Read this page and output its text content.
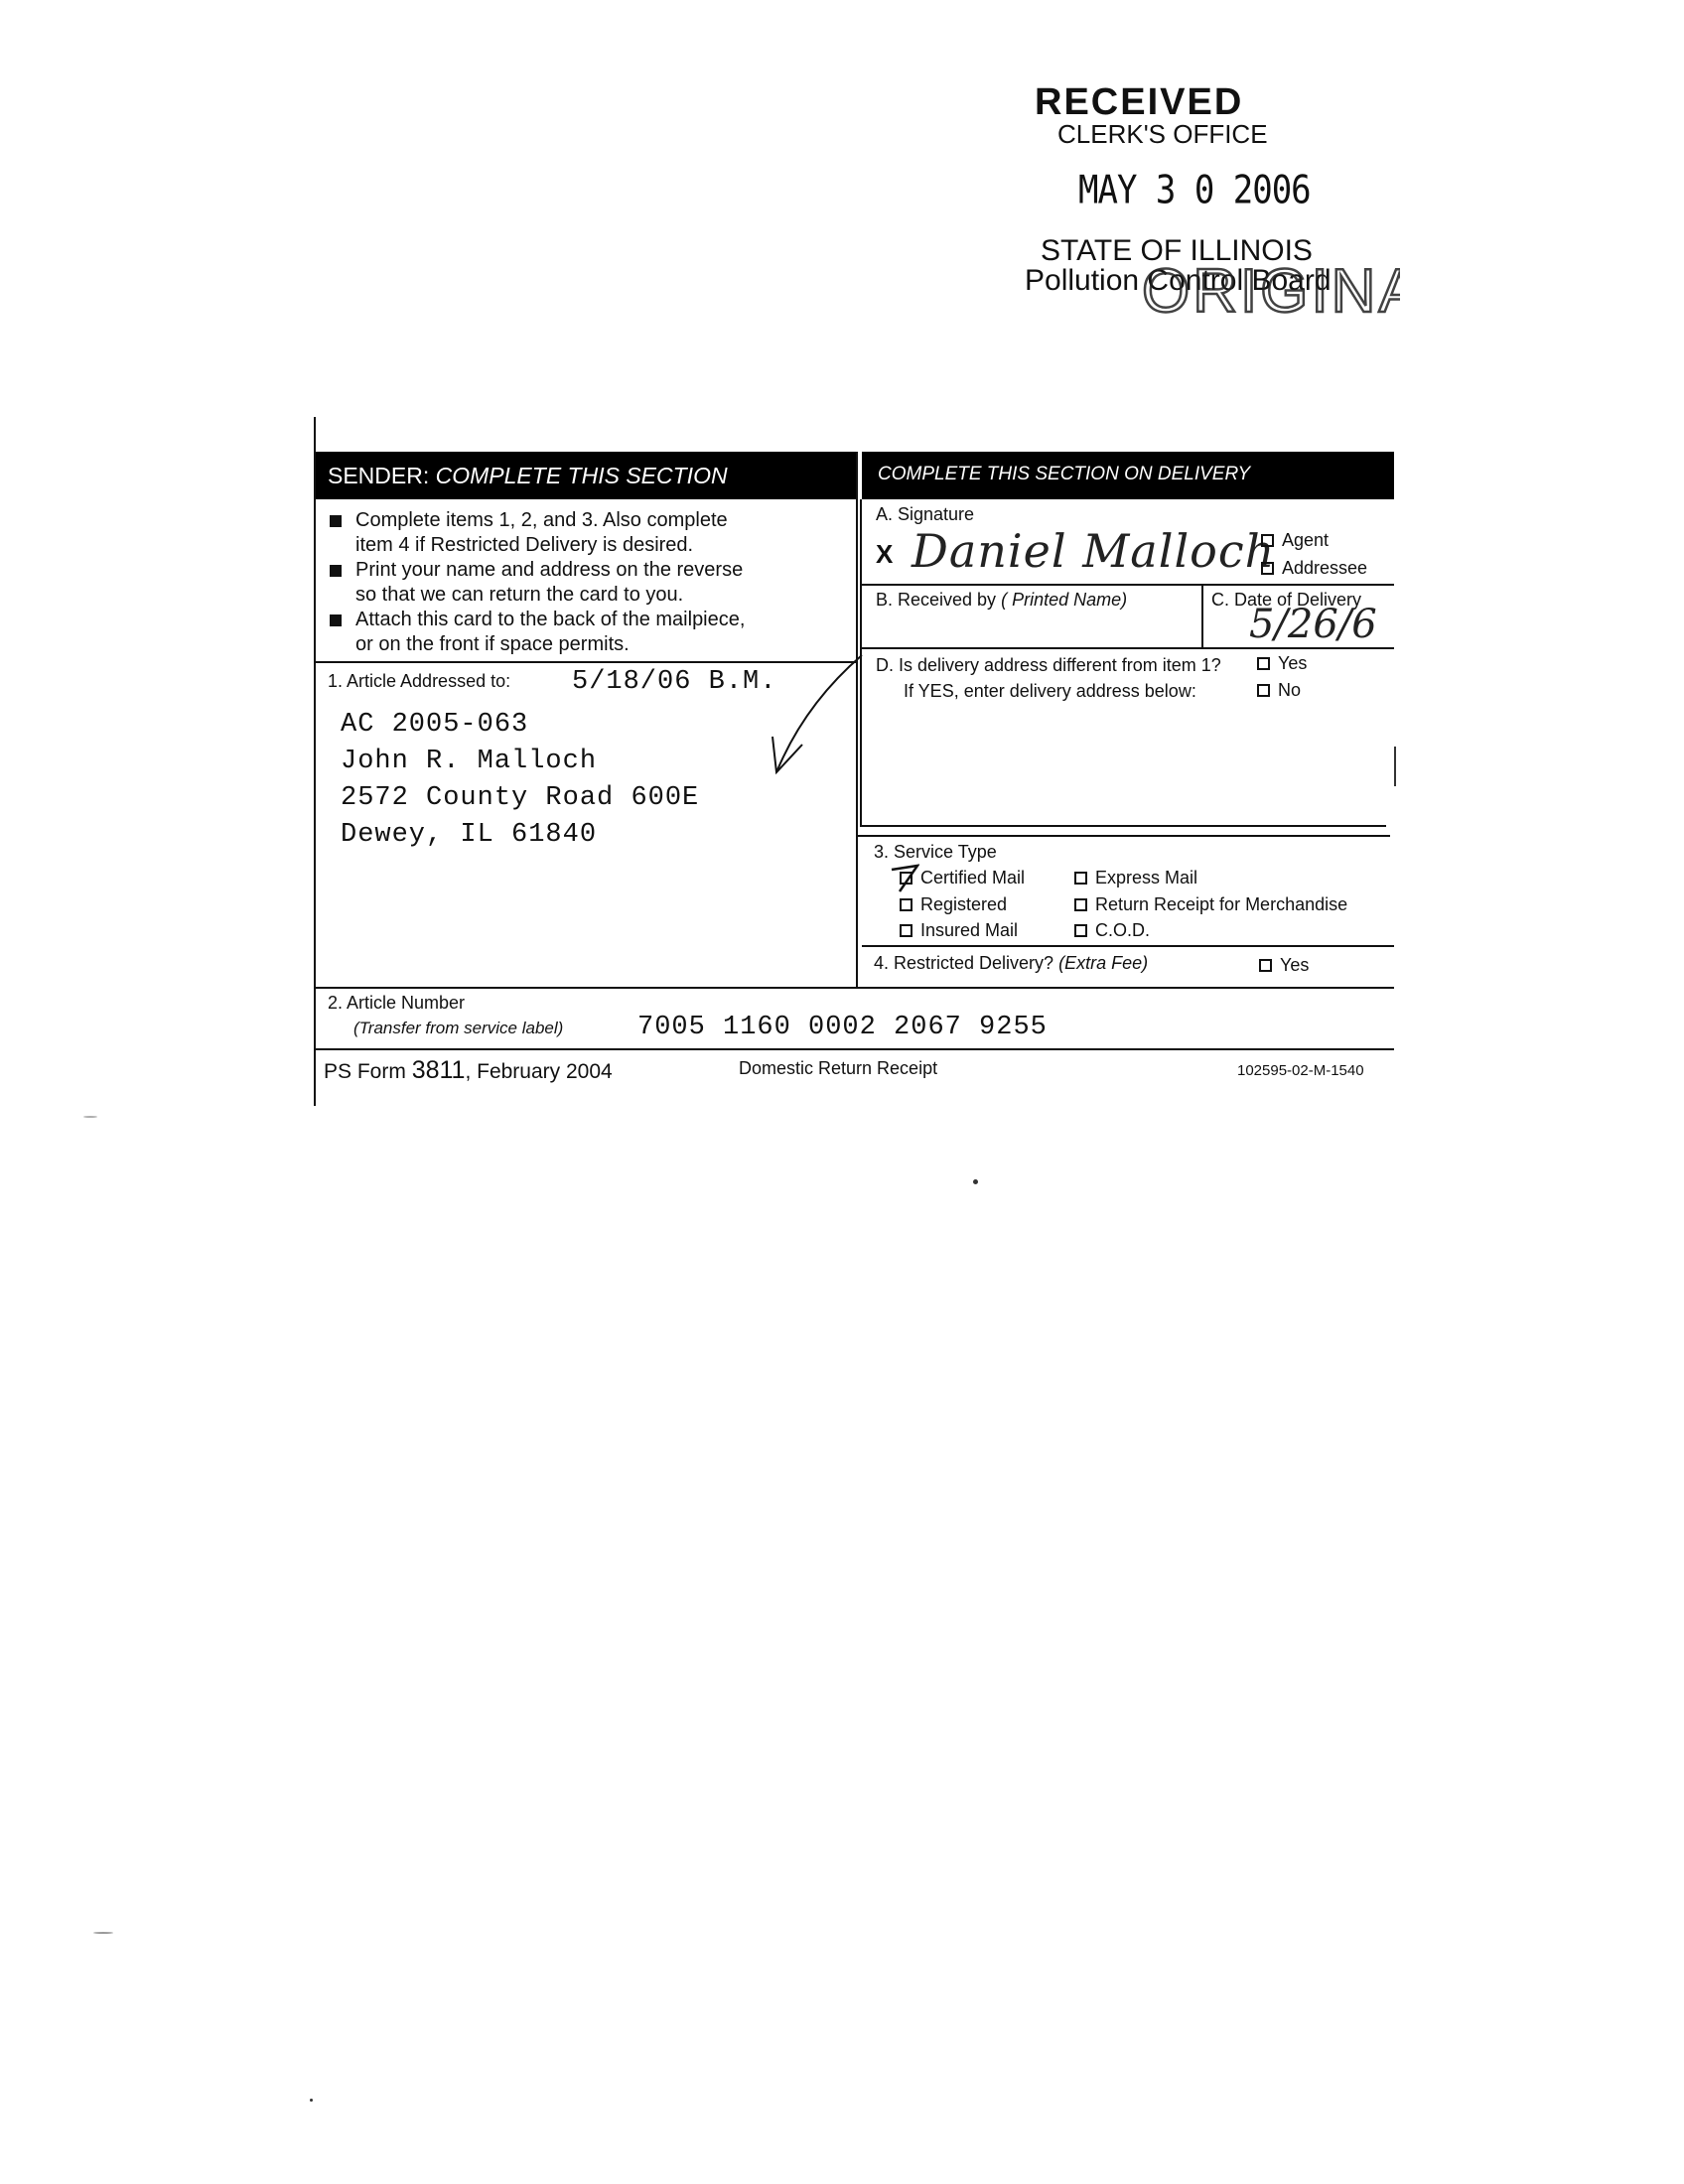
RECEIVED
CLERK'S OFFICE
MAY 3 0 2006
STATE OF ILLINOIS
Pollution Control Board
ORIGIN
SENDER: COMPLETE THIS SECTION	COMPLETE THIS SECTION ON DELIVERY
Complete items 1, 2, and 3. Also complete
item 4 if Restricted Delivery is desired.
Print your name and address on the reverse
so that we can return the card to you.
Attach this card to the back of the mailpiece,
or on the front if space permits.
1. Article Addressed to: 5/18/06 B.M.
AC 2005-063
John R. Malloch
2572 County Road 600E
Dewey, IL 61840
A. Signature
X Daniel Malloch Agent
Addressee
B. Received by ( Printed Name)	C. Date of Delivery
5/26/6
D. Is delivery address different from item 1?
If YES, enter delivery address below:
Yes
No
3. Service Type
Certified Mail	Express Mail
Registered	Return Receipt for Merchandise
Insured Mail	C.O.D.
4. Restricted Delivery? (Extra Fee)	Yes
2. Article Number
(Transfer from service label)	7005 1160 0002 2067 9255
PS Form 3811, February 2004	Domestic Return Receipt	102595-02-M-1540
